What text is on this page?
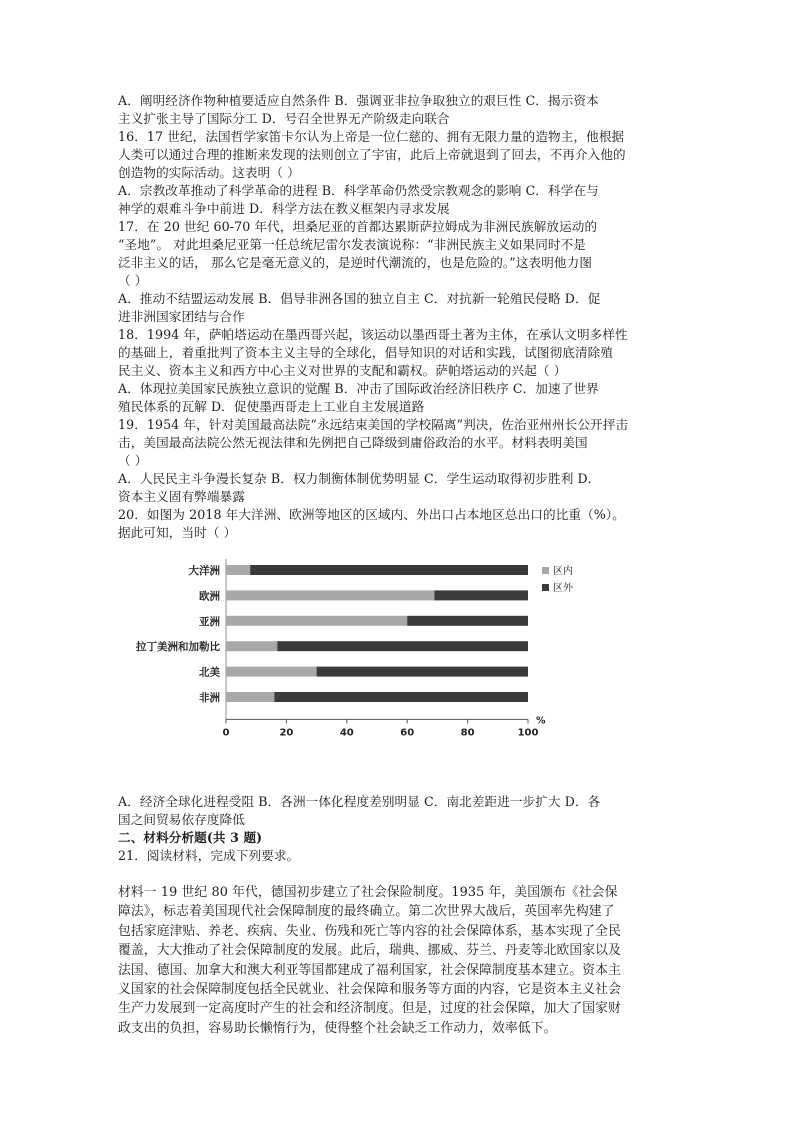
A．阐明经济作物种植要适应自然条件 B．强调亚非拉争取独立的艰巨性 C．揭示资本
主义扩张主导了国际分工 D．号召全世界无产阶级走向联合
16．17 世纪，法国哲学家笛卡尔认为上帝是一位仁慈的、拥有无限力量的造物主，他根据
人类可以通过合理的推断来发现的法则创立了宇宙，此后上帝就退到了回去，不再介入他的
创造物的实际活动。这表明（ ）
A．宗教改革推动了科学革命的进程 B．科学革命仍然受宗教观念的影响 C．科学在与
神学的艰难斗争中前进 D．科学方法在教义框架内寻求发展
17．在 20 世纪 60-70 年代，坦桑尼亚的首都达累斯萨拉姆成为非洲民族解放运动的
“圣地”。 对此坦桑尼亚第一任总统尼雷尔发表演说称：“非洲民族主义如果同时不是
泛非主义的话， 那么它是毫无意义的，是逆时代潮流的，也是危险的。”这表明他力图
（ ）
A．推动不结盟运动发展 B．倡导非洲各国的独立自主 C．对抗新一轮殖民侵略 D．促
进非洲国家团结与合作
18．1994 年，萨帕塔运动在墨西哥兴起，该运动以墨西哥土著为主体，在承认文明多样性
的基础上，着重批判了资本主义主导的全球化，倡导知识的对话和实践，试图彻底清除殖
民主义、资本主义和西方中心主义对世界的支配和霸权。萨帕塔运动的兴起（ ）
A．体现拉美国家民族独立意识的觉醒 B．冲击了国际政治经济旧秩序 C．加速了世界
殖民体系的瓦解 D．促使墨西哥走上工业自主发展道路
19．1954 年，针对美国最高法院“永远结束美国的学校隔离”判决，佐治亚州州长公开抨击
击，美国最高法院公然无视法律和先例把自己降级到庸俗政治的水平。材料表明美国
（ ）
A．人民民主斗争漫长复杂 B．权力制衡体制优势明显 C．学生运动取得初步胜利 D．
资本主义固有弊端暴露
20．如图为 2018 年大洋洲、欧洲等地区的区域内、外出口占本地区总出口的比重（%）。
据此可知，当时（ ）
大洋洲
欧洲
亚洲
拉丁美洲和加勒比
北美
非洲
0	20	40	60	80	100
%
区内
区外
A．经济全球化进程受阻 B．各洲一体化程度差别明显 C．南北差距进一步扩大 D．各
国之间贸易依存度降低
二、材料分析题(共 3 题)
21．阅读材料，完成下列要求。
材料一 19 世纪 80 年代，德国初步建立了社会保险制度。1935 年，美国颁布《社会保
障法》，标志着美国现代社会保障制度的最终确立。第二次世界大战后，英国率先构建了
包括家庭津贴、养老、疾病、失业、伤残和死亡等内容的社会保障体系，基本实现了全民
覆盖，大大推动了社会保障制度的发展。此后，瑞典、挪威、芬兰、丹麦等北欧国家以及
法国、德国、加拿大和澳大利亚等国都建成了福利国家，社会保障制度基本建立。资本主
义国家的社会保障制度包括全民就业、社会保障和服务等方面的内容，它是资本主义社会
生产力发展到一定高度时产生的社会和经济制度。但是，过度的社会保障，加大了国家财
政支出的负担，容易助长懒惰行为，使得整个社会缺乏工作动力，效率低下。
